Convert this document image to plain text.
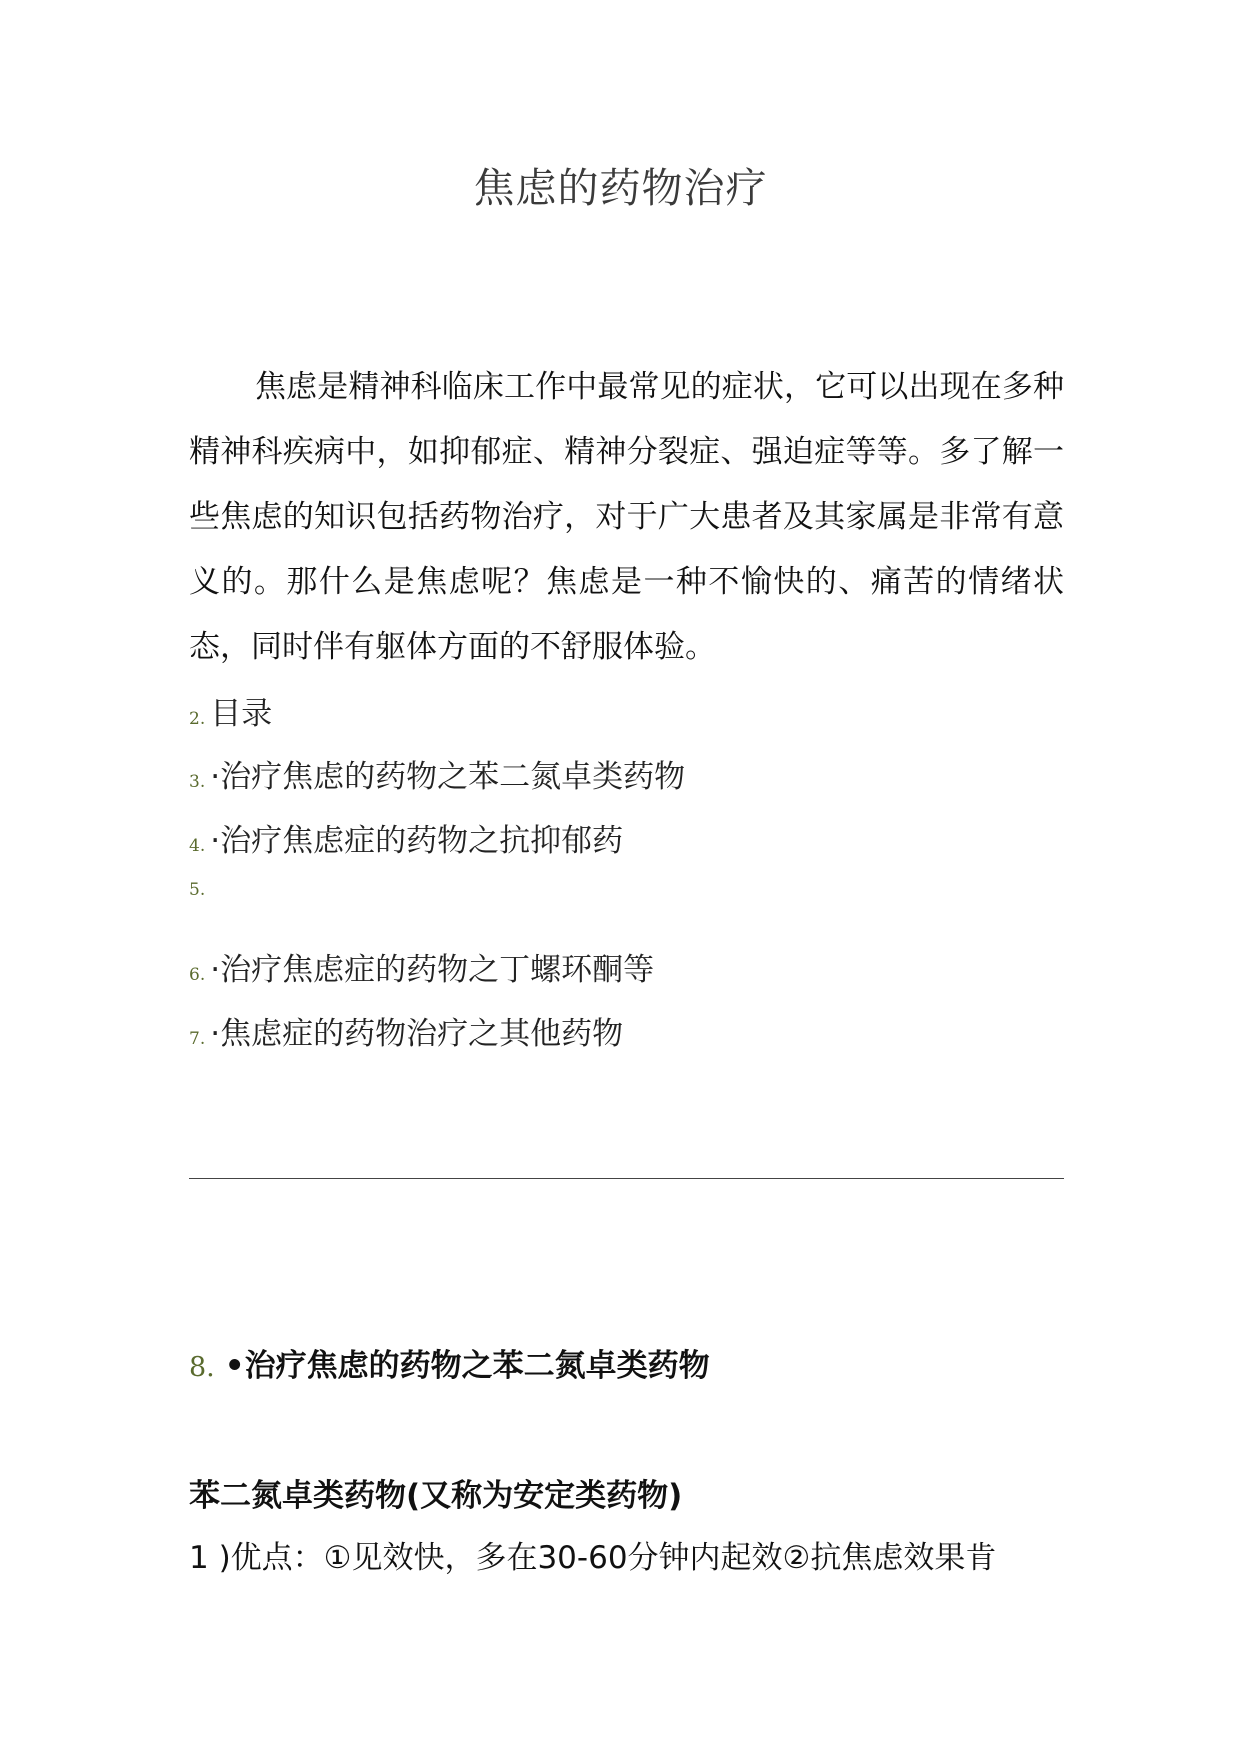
焦虑的药物治疗

焦虑是精神科临床工作中最常见的症状，它可以出现在多种精神科疾病中，如抑郁症、精神分裂症、强迫症等等。多了解一些焦虑的知识包括药物治疗，对于广大患者及其家属是非常有意义的。那什么是焦虑呢？焦虑是一种不愉快的、痛苦的情绪状态，同时伴有躯体方面的不舒服体验。

2. 目录
3. ·治疗焦虑的药物之苯二氮卓类药物
4. ·治疗焦虑症的药物之抗抑郁药
5.
6. ·治疗焦虑症的药物之丁螺环酮等
7. ·焦虑症的药物治疗之其他药物
8. •治疗焦虑的药物之苯二氮卓类药物
苯二氮卓类药物(又称为安定类药物)
1 )优点：①见效快，多在30-60分钟内起效②抗焦虑效果肯
